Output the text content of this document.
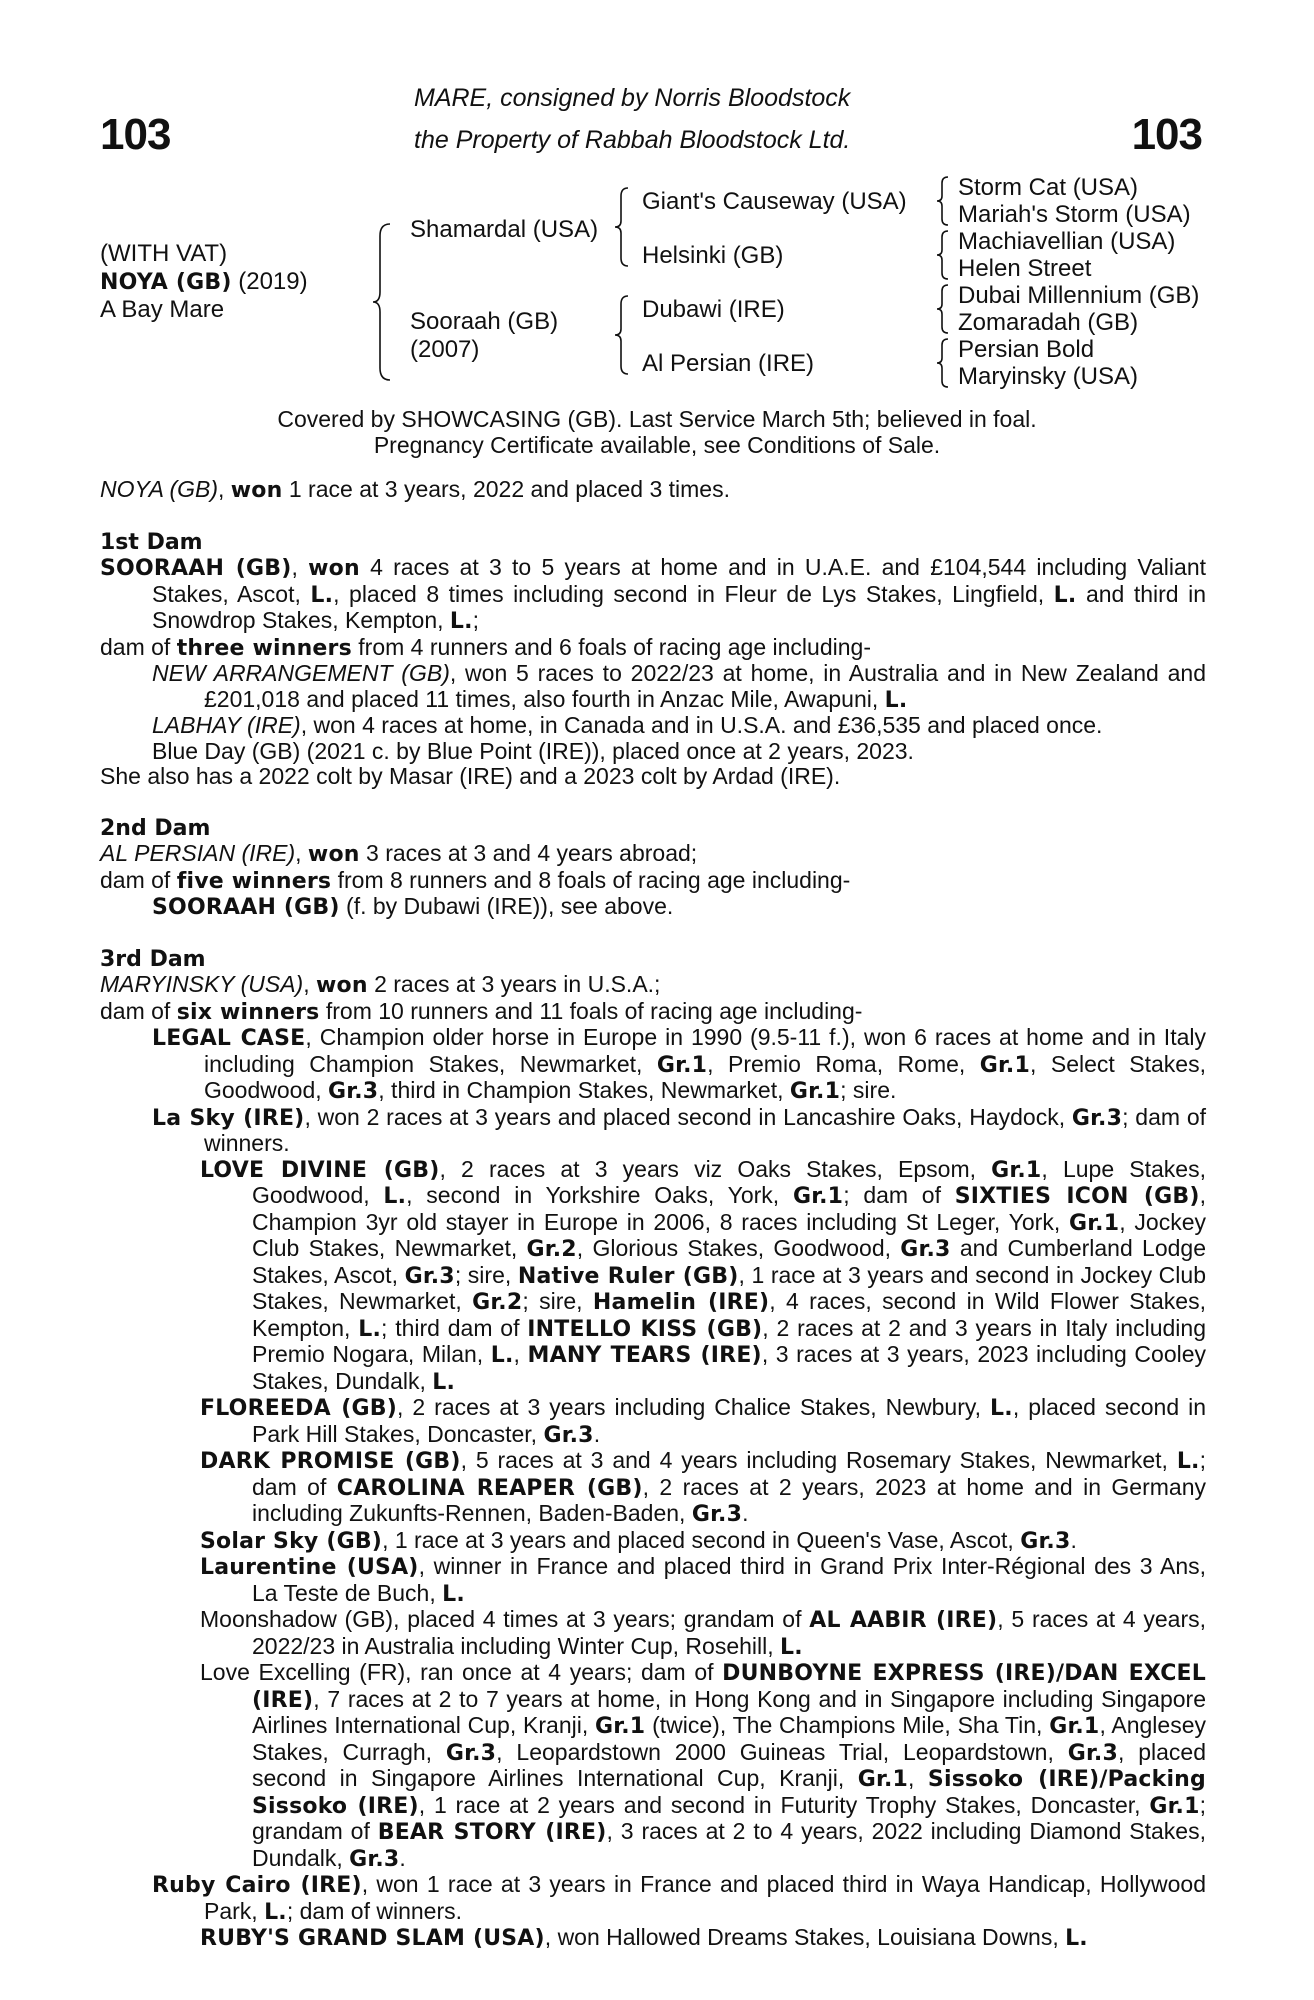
103	103
MARE, consigned by Norris Bloodstock
the Property of Rabbah Bloodstock Ltd.
(WITH VAT)
NOYA (GB) (2019)
A Bay Mare
Shamardal (USA)
Sooraah (GB)
(2007)
Giant's Causeway (USA)
Helsinki (GB)
Dubawi (IRE)
Al Persian (IRE)
Storm Cat (USA)
Mariah's Storm (USA)
Machiavellian (USA)
Helen Street
Dubai Millennium (GB)
Zomaradah (GB)
Persian Bold
Maryinsky (USA)
Covered by SHOWCASING (GB). Last Service March 5th; believed in foal.
Pregnancy Certificate available, see Conditions of Sale.

NOYA (GB), won 1 race at 3 years, 2022 and placed 3 times.

1st Dam

SOORAAH (GB), won 4 races at 3 to 5 years at home and in U.A.E. and £104,544 including Valiant Stakes, Ascot, L., placed 8 times including second in Fleur de Lys Stakes, Lingfield, L. and third in Snowdrop Stakes, Kempton, L.;

dam of three winners from 4 runners and 6 foals of racing age including-

NEW ARRANGEMENT (GB), won 5 races to 2022/23 at home, in Australia and in New Zealand and £201,018 and placed 11 times, also fourth in Anzac Mile, Awapuni, L.

LABHAY (IRE), won 4 races at home, in Canada and in U.S.A. and £36,535 and placed once.

Blue Day (GB) (2021 c. by Blue Point (IRE)), placed once at 2 years, 2023.

She also has a 2022 colt by Masar (IRE) and a 2023 colt by Ardad (IRE).

2nd Dam

AL PERSIAN (IRE), won 3 races at 3 and 4 years abroad;

dam of five winners from 8 runners and 8 foals of racing age including-

SOORAAH (GB) (f. by Dubawi (IRE)), see above.

3rd Dam

MARYINSKY (USA), won 2 races at 3 years in U.S.A.;

dam of six winners from 10 runners and 11 foals of racing age including-

LEGAL CASE, Champion older horse in Europe in 1990 (9.5-11 f.), won 6 races at home and in Italy including Champion Stakes, Newmarket, Gr.1, Premio Roma, Rome, Gr.1, Select Stakes, Goodwood, Gr.3, third in Champion Stakes, Newmarket, Gr.1; sire.

La Sky (IRE), won 2 races at 3 years and placed second in Lancashire Oaks, Haydock, Gr.3; dam of winners.

LOVE DIVINE (GB), 2 races at 3 years viz Oaks Stakes, Epsom, Gr.1, Lupe Stakes, Goodwood, L., second in Yorkshire Oaks, York, Gr.1; dam of SIXTIES ICON (GB), Champion 3yr old stayer in Europe in 2006, 8 races including St Leger, York, Gr.1, Jockey Club Stakes, Newmarket, Gr.2, Glorious Stakes, Goodwood, Gr.3 and Cumberland Lodge Stakes, Ascot, Gr.3; sire, Native Ruler (GB), 1 race at 3 years and second in Jockey Club Stakes, Newmarket, Gr.2; sire, Hamelin (IRE), 4 races, second in Wild Flower Stakes, Kempton, L.; third dam of INTELLO KISS (GB), 2 races at 2 and 3 years in Italy including Premio Nogara, Milan, L., MANY TEARS (IRE), 3 races at 3 years, 2023 including Cooley Stakes, Dundalk, L.

FLOREEDA (GB), 2 races at 3 years including Chalice Stakes, Newbury, L., placed second in Park Hill Stakes, Doncaster, Gr.3.

DARK PROMISE (GB), 5 races at 3 and 4 years including Rosemary Stakes, Newmarket, L.; dam of CAROLINA REAPER (GB), 2 races at 2 years, 2023 at home and in Germany including Zukunfts-Rennen, Baden-Baden, Gr.3.

Solar Sky (GB), 1 race at 3 years and placed second in Queen's Vase, Ascot, Gr.3.

Laurentine (USA), winner in France and placed third in Grand Prix Inter-Régional des 3 Ans, La Teste de Buch, L.

Moonshadow (GB), placed 4 times at 3 years; grandam of AL AABIR (IRE), 5 races at 4 years, 2022/23 in Australia including Winter Cup, Rosehill, L.

Love Excelling (FR), ran once at 4 years; dam of DUNBOYNE EXPRESS (IRE)/DAN EXCEL (IRE), 7 races at 2 to 7 years at home, in Hong Kong and in Singapore including Singapore Airlines International Cup, Kranji, Gr.1 (twice), The Champions Mile, Sha Tin, Gr.1, Anglesey Stakes, Curragh, Gr.3, Leopardstown 2000 Guineas Trial, Leopardstown, Gr.3, placed second in Singapore Airlines International Cup, Kranji, Gr.1, Sissoko (IRE)/Packing Sissoko (IRE), 1 race at 2 years and second in Futurity Trophy Stakes, Doncaster, Gr.1; grandam of BEAR STORY (IRE), 3 races at 2 to 4 years, 2022 including Diamond Stakes, Dundalk, Gr.3.

Ruby Cairo (IRE), won 1 race at 3 years in France and placed third in Waya Handicap, Hollywood Park, L.; dam of winners.

RUBY'S GRAND SLAM (USA), won Hallowed Dreams Stakes, Louisiana Downs, L.
